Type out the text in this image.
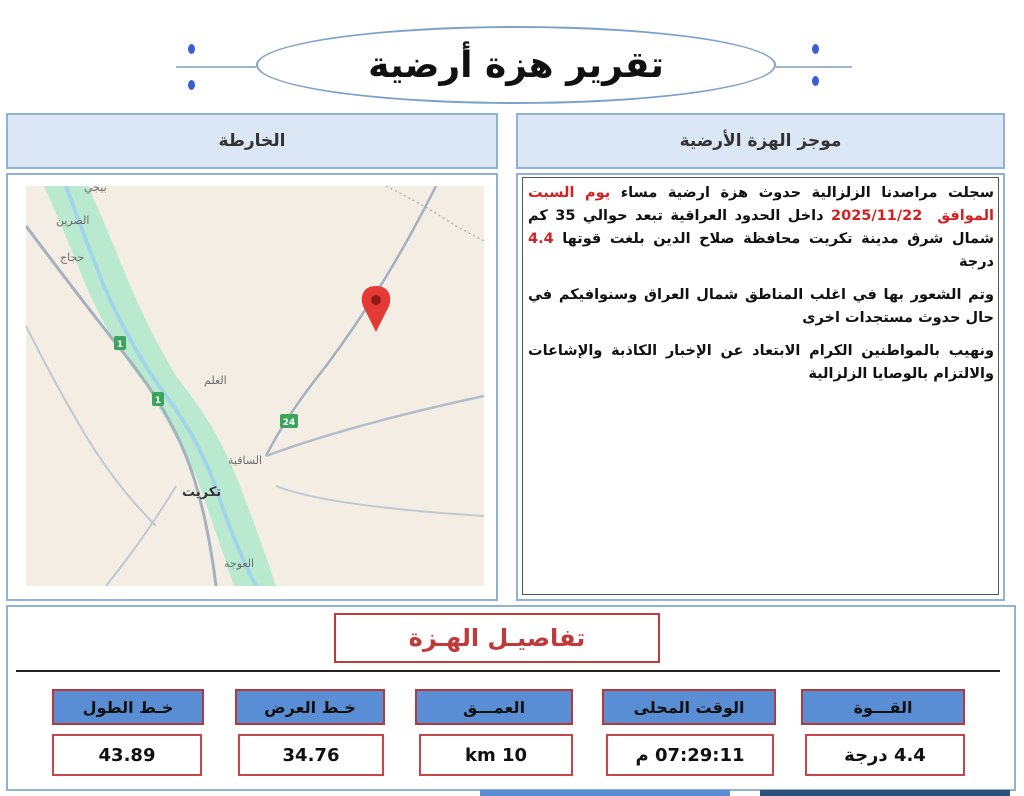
تقرير هزة أرضية
موجز الهزة الأرضية

سجلت مراصدنا الزلزالية حدوث هزة ارضية مساء يوم السبت الموافق  2025/11/22 داخل الحدود العراقية تبعد حوالي 35 كم شمال شرق مدينة تكريت محافظة صلاح الدين بلغت قوتها 4.4 درجة

وتم الشعور بها في اغلب المناطق شمال العراق وسنوافيكم في حال حدوث مستجدات اخرى

ونهيب بالمواطنين الكرام الابتعاد عن الإخبار الكاذبة والإشاعات والالتزام بالوصايا الزلزالية

الخارطة
1
1
24
بيجي
الصرين
حجاج
العلم
الساقية
العوجة
تكريت
تفاصيـل الهـزة
القـــوة
الوقت المحلى
العمـــق
خـط العرض
خـط الطول
4.4 درجة
07:29:11 م
10 km
34.76
43.89
